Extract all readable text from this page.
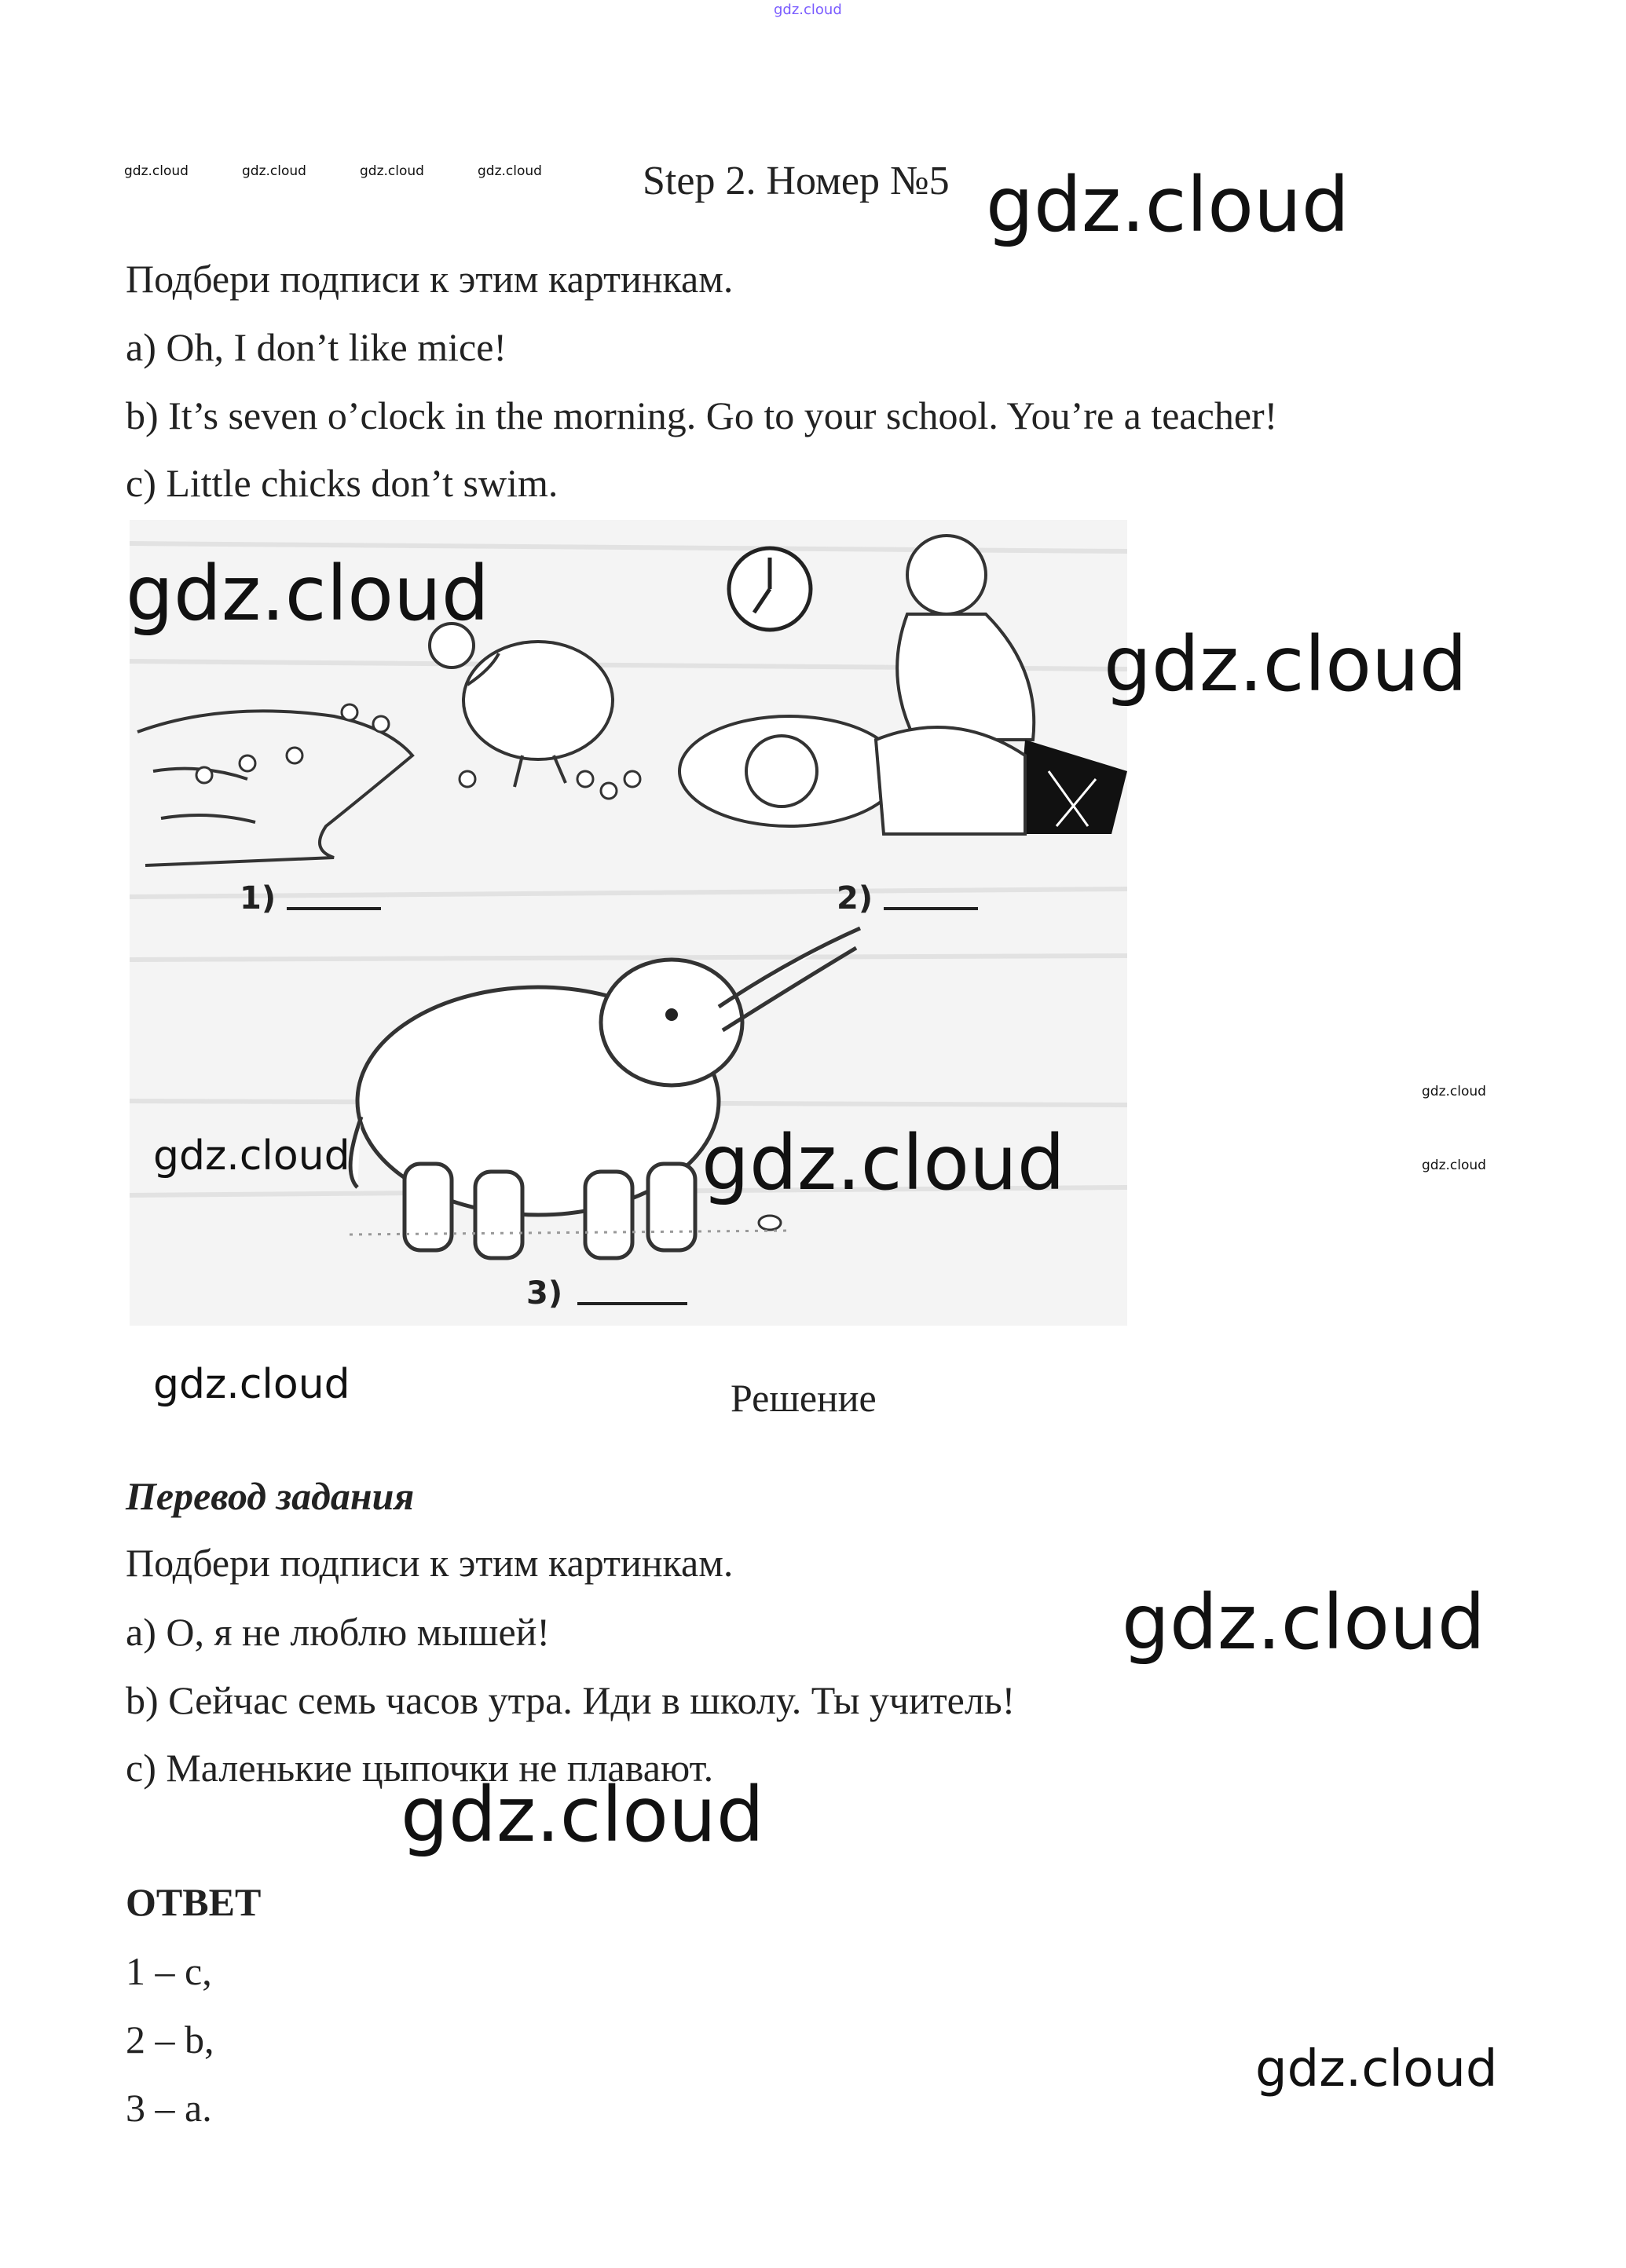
gdz.cloud
gdz.cloud	gdz.cloud	gdz.cloud	gdz.cloud Step 2. Номер №5 gdz.cloud
Подбери подписи к этим картинкам.
a) Oh, I don’t like mice!
b) It’s seven o’clock in the morning. Go to your school. You’re a teacher!
c) Little chicks don’t swim.
1)	2)
3)
gdz.cloud
gdz.cloud
gdz.cloud	gdz.cloud
gdz.cloud
gdz.cloud
gdz.cloud	Решение
Перевод задания
Подбери подписи к этим картинкам.
a) О, я не люблю мышей!	gdz.cloud
b) Сейчас семь часов утра. Иди в школу. Ты учитель!
c) Маленькие цыпочки не плавают.
gdz.cloud
ОТВЕТ
1 – c,
2 – b,
3 – a.
gdz.cloud
